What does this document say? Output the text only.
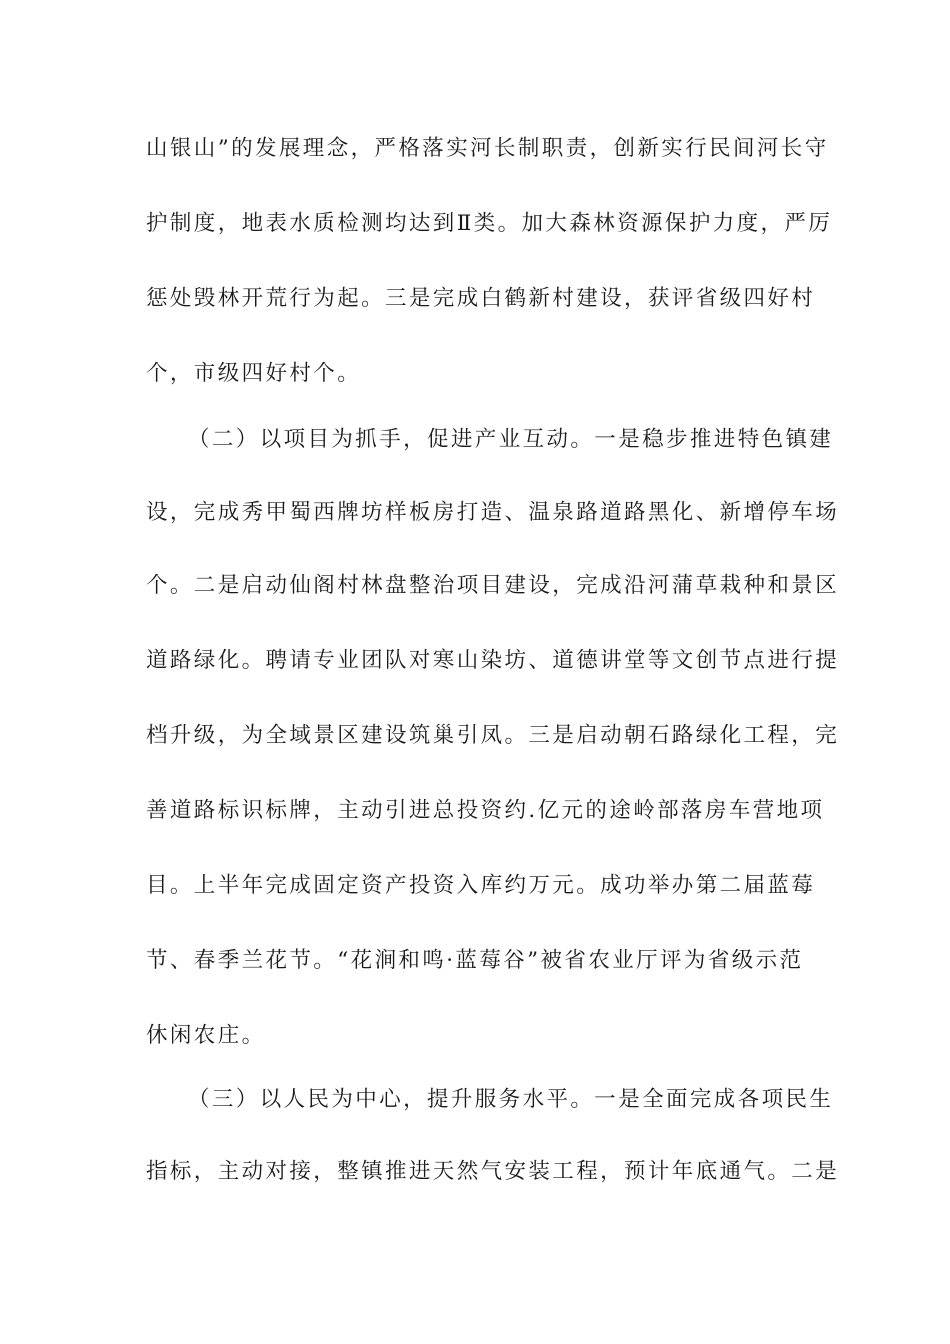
山银山”的发展理念，严格落实河长制职责，创新实行民间河长守
护制度，地表水质检测均达到Ⅱ类。加大森林资源保护力度，严厉
惩处毁林开荒行为起。三是完成白鹤新村建设，获评省级四好村
个，市级四好村个。
（二）以项目为抓手，促进产业互动。一是稳步推进特色镇建
设，完成秀甲蜀西牌坊样板房打造、温泉路道路黑化、新增停车场
个。二是启动仙阁村林盘整治项目建设，完成沿河蒲草栽种和景区
道路绿化。聘请专业团队对寒山染坊、道德讲堂等文创节点进行提
档升级，为全域景区建设筑巢引凤。三是启动朝石路绿化工程，完
善道路标识标牌，主动引进总投资约.亿元的途岭部落房车营地项
目。上半年完成固定资产投资入库约万元。成功举办第二届蓝莓
节、春季兰花节。“花涧和鸣·蓝莓谷”被省农业厅评为省级示范
休闲农庄。
（三）以人民为中心，提升服务水平。一是全面完成各项民生
指标，主动对接，整镇推进天然气安装工程，预计年底通气。二是
